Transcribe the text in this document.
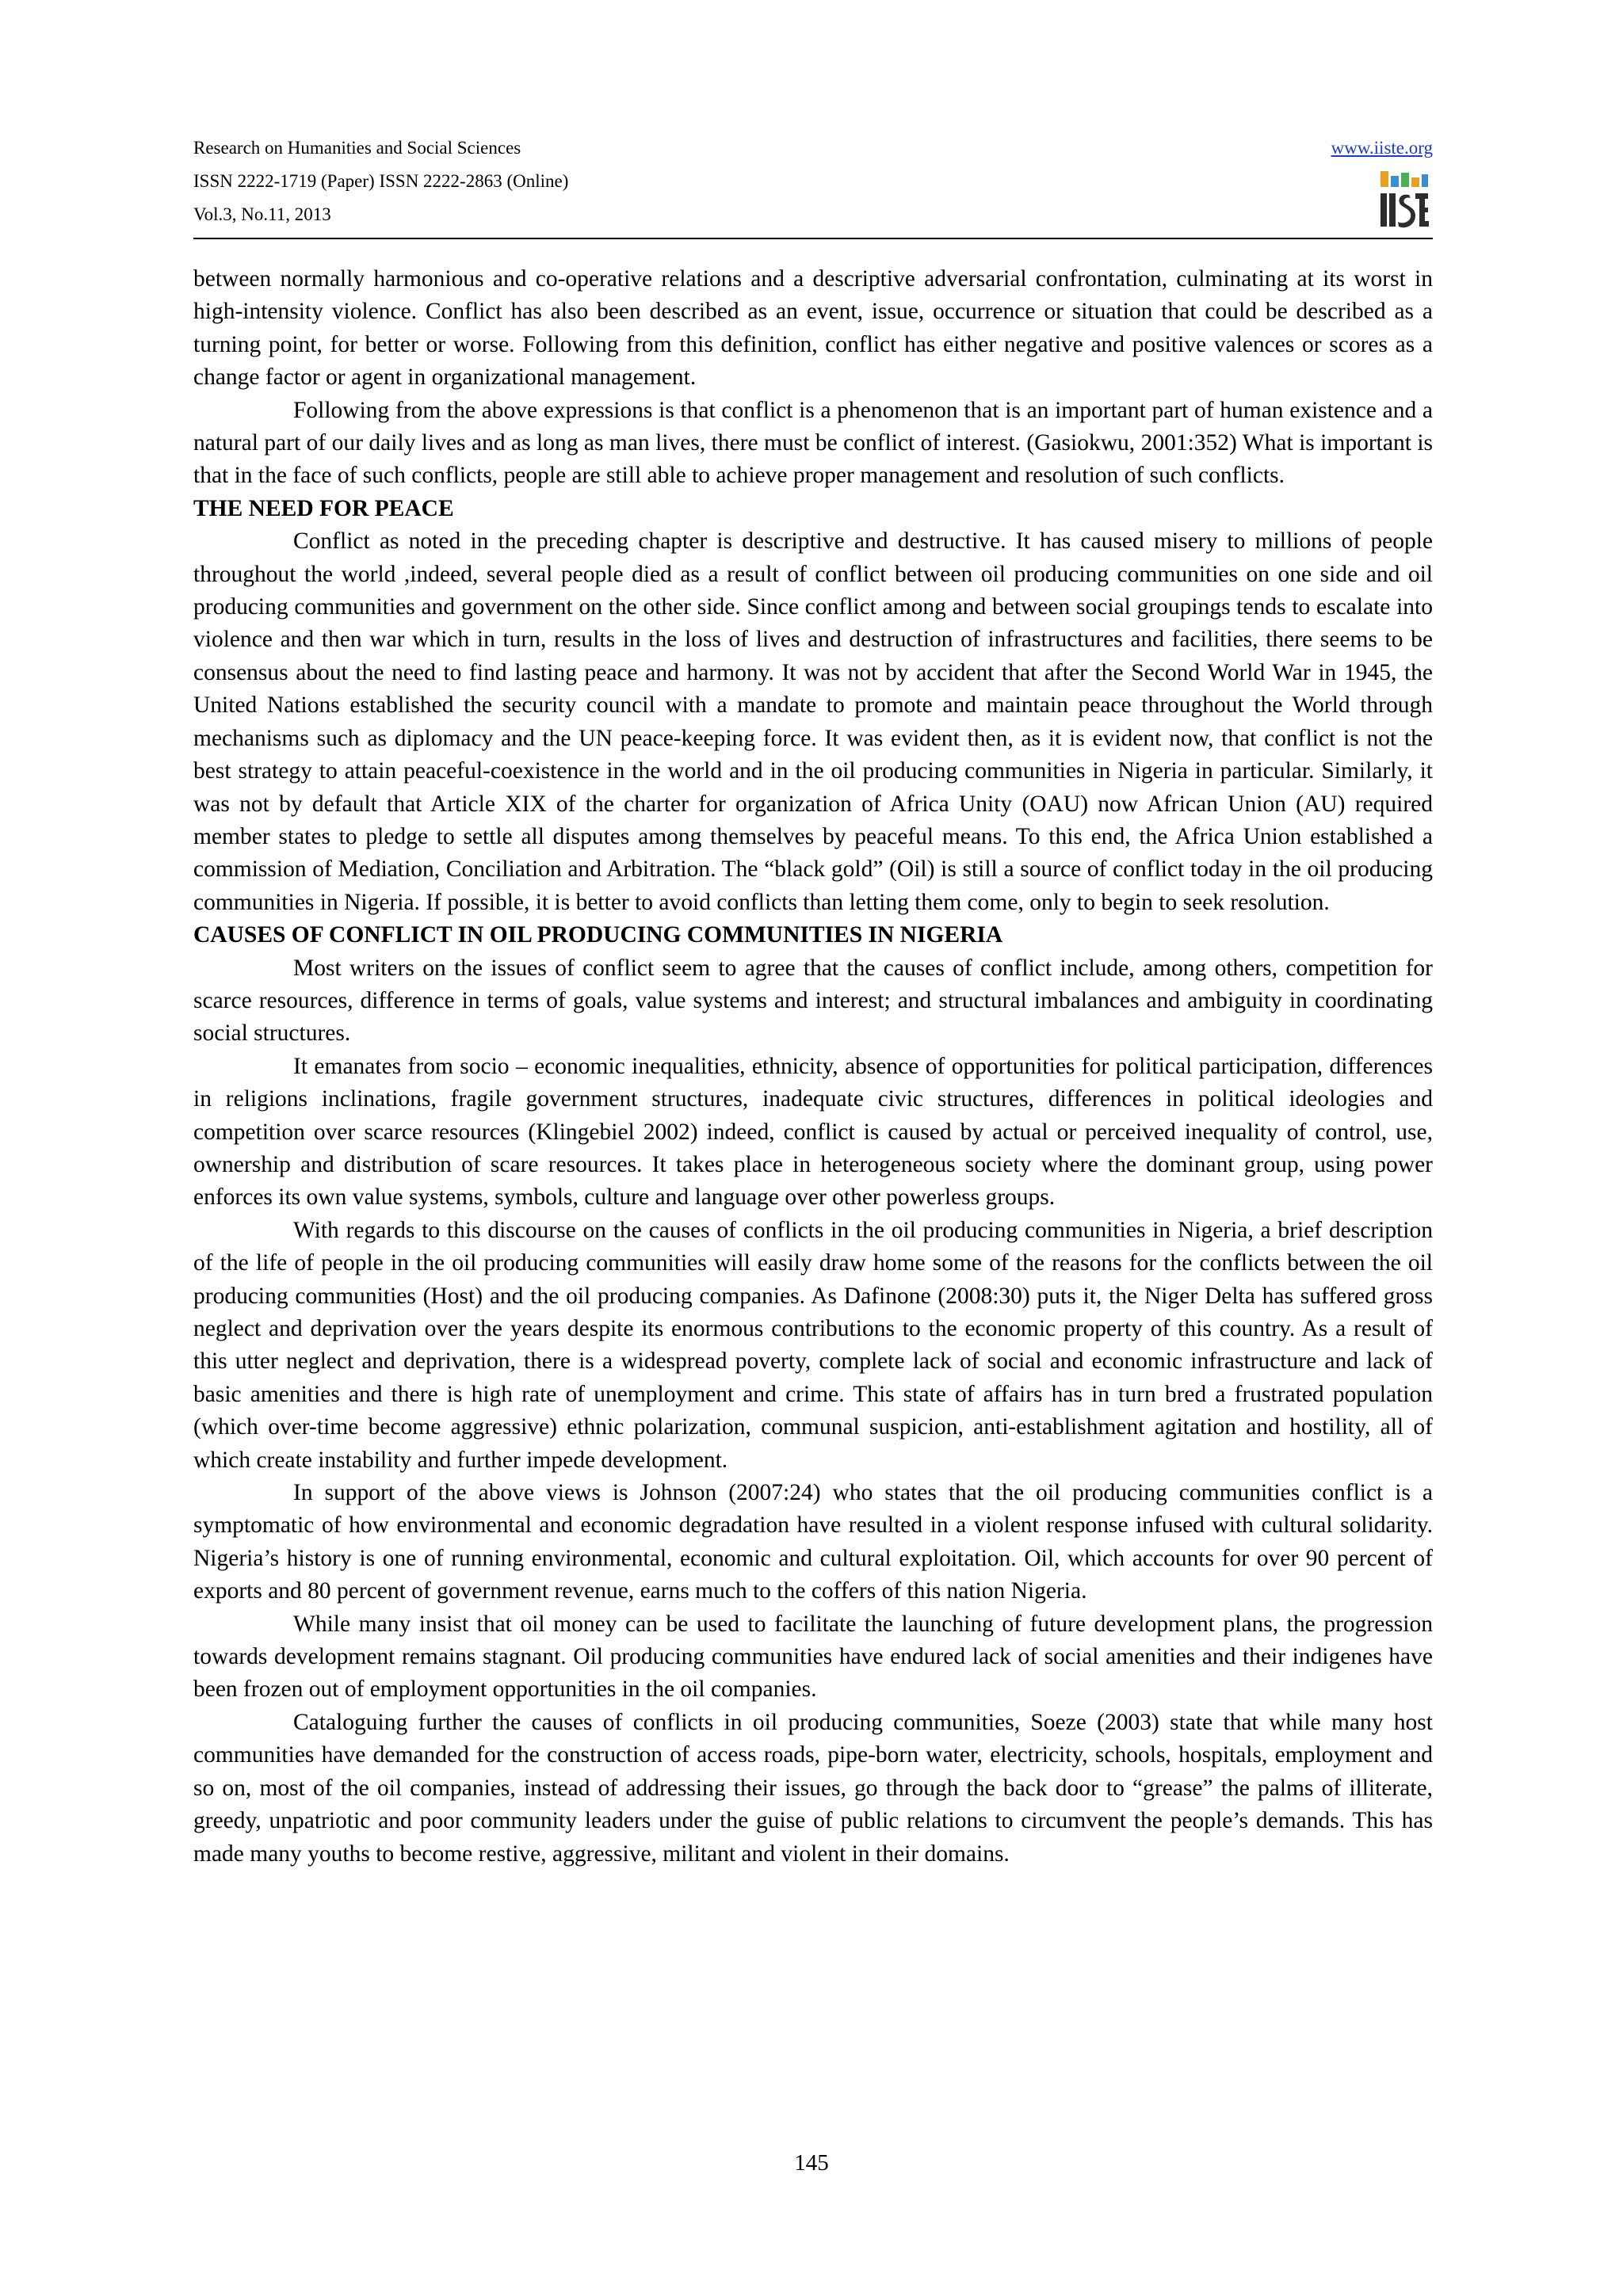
Research on Humanities and Social Sciences
ISSN 2222-1719 (Paper) ISSN 2222-2863 (Online)
Vol.3, No.11, 2013
www.iiste.org

between normally harmonious and co-operative relations and a descriptive adversarial confrontation, culminating at its worst in high-intensity violence. Conflict has also been described as an event, issue, occurrence or situation that could be described as a turning point, for better or worse. Following from this definition, conflict has either negative and positive valences or scores as a change factor or agent in organizational management.

Following from the above expressions is that conflict is a phenomenon that is an important part of human existence and a natural part of our daily lives and as long as man lives, there must be conflict of interest. (Gasiokwu, 2001:352) What is important is that in the face of such conflicts, people are still able to achieve proper management and resolution of such conflicts.

THE NEED FOR PEACE

Conflict as noted in the preceding chapter is descriptive and destructive. It has caused misery to millions of people throughout the world ,indeed, several people died as a result of conflict between oil producing communities on one side and oil producing communities and government on the other side. Since conflict among and between social groupings tends to escalate into violence and then war which in turn, results in the loss of lives and destruction of infrastructures and facilities, there seems to be consensus about the need to find lasting peace and harmony. It was not by accident that after the Second World War in 1945, the United Nations established the security council with a mandate to promote and maintain peace throughout the World through mechanisms such as diplomacy and the UN peace-keeping force. It was evident then, as it is evident now, that conflict is not the best strategy to attain peaceful-coexistence in the world and in the oil producing communities in Nigeria in particular. Similarly, it was not by default that Article XIX of the charter for organization of Africa Unity (OAU) now African Union (AU) required member states to pledge to settle all disputes among themselves by peaceful means. To this end, the Africa Union established a commission of Mediation, Conciliation and Arbitration. The “black gold” (Oil) is still a source of conflict today in the oil producing communities in Nigeria. If possible, it is better to avoid conflicts than letting them come, only to begin to seek resolution.

CAUSES OF CONFLICT IN OIL PRODUCING COMMUNITIES IN NIGERIA

Most writers on the issues of conflict seem to agree that the causes of conflict include, among others, competition for scarce resources, difference in terms of goals, value systems and interest; and structural imbalances and ambiguity in coordinating social structures.

It emanates from socio – economic inequalities, ethnicity, absence of opportunities for political participation, differences in religions inclinations, fragile government structures, inadequate civic structures, differences in political ideologies and competition over scarce resources (Klingebiel 2002) indeed, conflict is caused by actual or perceived inequality of control, use, ownership and distribution of scare resources. It takes place in heterogeneous society where the dominant group, using power enforces its own value systems, symbols, culture and language over other powerless groups.

With regards to this discourse on the causes of conflicts in the oil producing communities in Nigeria, a brief description of the life of people in the oil producing communities will easily draw home some of the reasons for the conflicts between the oil producing communities (Host) and the oil producing companies. As Dafinone (2008:30) puts it, the Niger Delta has suffered gross neglect and deprivation over the years despite its enormous contributions to the economic property of this country. As a result of this utter neglect and deprivation, there is a widespread poverty, complete lack of social and economic infrastructure and lack of basic amenities and there is high rate of unemployment and crime. This state of affairs has in turn bred a frustrated population (which over-time become aggressive) ethnic polarization, communal suspicion, anti-establishment agitation and hostility, all of which create instability and further impede development.

In support of the above views is Johnson (2007:24) who states that the oil producing communities conflict is a symptomatic of how environmental and economic degradation have resulted in a violent response infused with cultural solidarity. Nigeria’s history is one of running environmental, economic and cultural exploitation. Oil, which accounts for over 90 percent of exports and 80 percent of government revenue, earns much to the coffers of this nation Nigeria.

While many insist that oil money can be used to facilitate the launching of future development plans, the progression towards development remains stagnant. Oil producing communities have endured lack of social amenities and their indigenes have been frozen out of employment opportunities in the oil companies.

Cataloguing further the causes of conflicts in oil producing communities, Soeze (2003) state that while many host communities have demanded for the construction of access roads, pipe-born water, electricity, schools, hospitals, employment and so on, most of the oil companies, instead of addressing their issues, go through the back door to “grease” the palms of illiterate, greedy, unpatriotic and poor community leaders under the guise of public relations to circumvent the people’s demands. This has made many youths to become restive, aggressive, militant and violent in their domains.

145
